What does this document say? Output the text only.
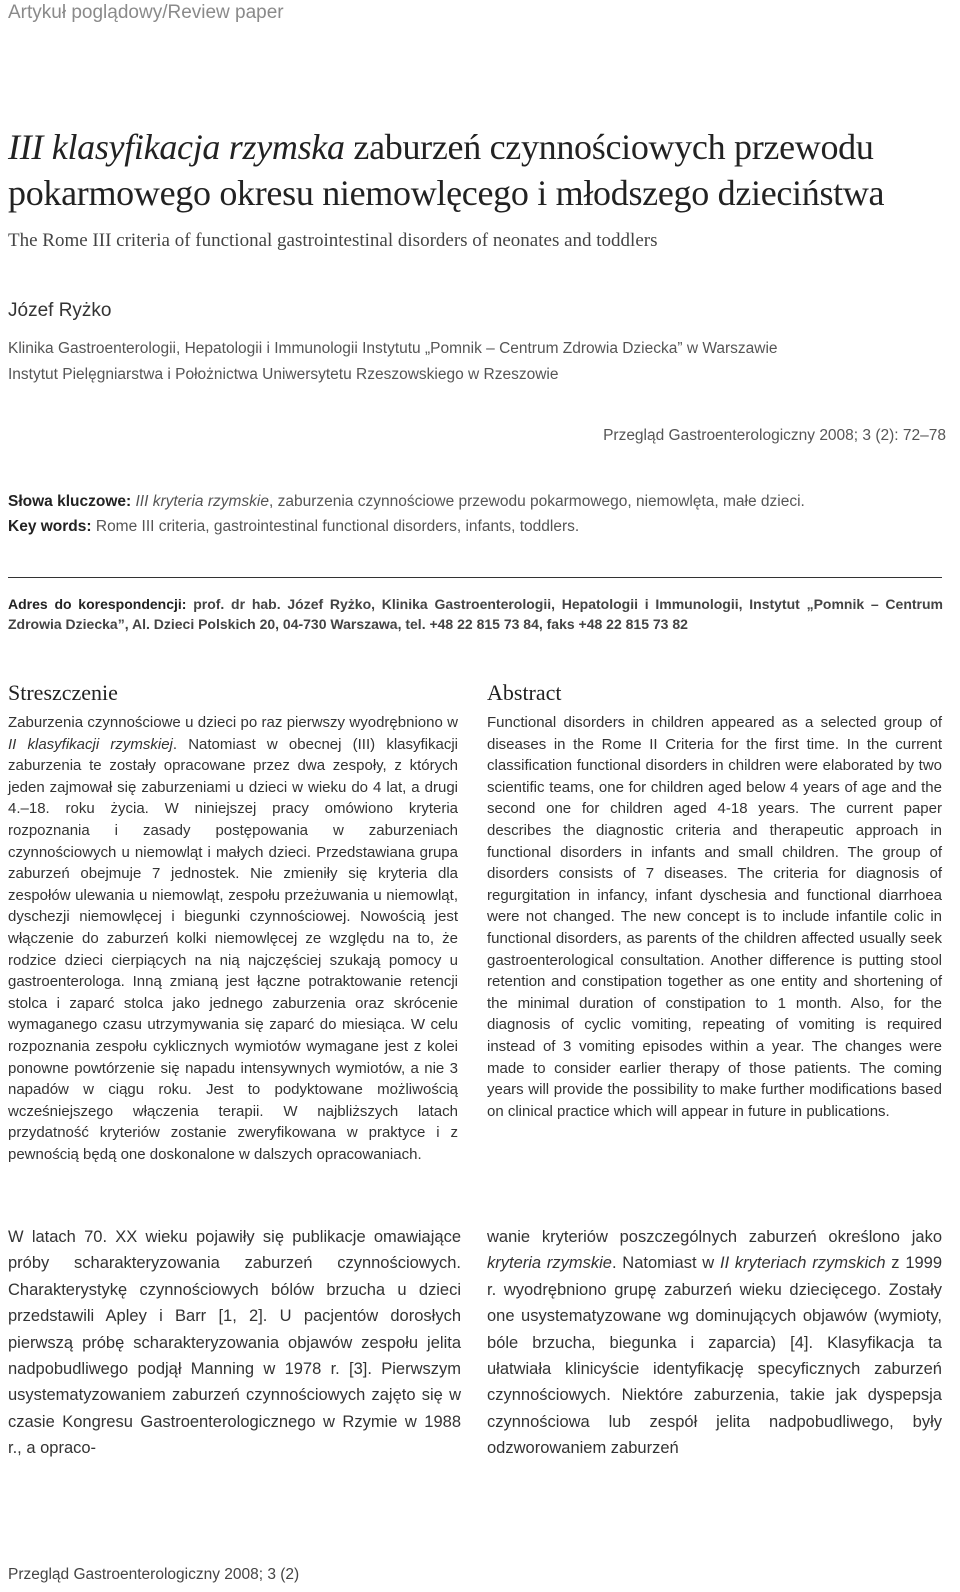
Artykuł poglądowy/Review paper
III klasyfikacja rzymska zaburzeń czynnościowych przewodu
pokarmowego okresu niemowlęcego i młodszego dzieciństwa
The Rome III criteria of functional gastrointestinal disorders of neonates and toddlers
Józef Ryżko
Klinika Gastroenterologii, Hepatologii i Immunologii Instytutu „Pomnik – Centrum Zdrowia Dziecka” w Warszawie
Instytut Pielęgniarstwa i Położnictwa Uniwersytetu Rzeszowskiego w Rzeszowie
Przegląd Gastroenterologiczny 2008; 3 (2): 72–78
Słowa kluczowe: III kryteria rzymskie, zaburzenia czynnościowe przewodu pokarmowego, niemowlęta, małe dzieci.
Key words: Rome III criteria, gastrointestinal functional disorders, infants, toddlers.
Adres do korespondencji: prof. dr hab. Józef Ryżko, Klinika Gastroenterologii, Hepatologii i Immunologii, Instytut „Pomnik – Centrum Zdrowia Dziecka”, Al. Dzieci Polskich 20, 04-730 Warszawa, tel. +48 22 815 73 84, faks +48 22 815 73 82
Streszczenie
Zaburzenia czynnościowe u dzieci po raz pierwszy wyodrębniono w II klasyfikacji rzymskiej. Natomiast w obecnej (III) klasyfikacji zaburzenia te zostały opracowane przez dwa zespoły, z których jeden zajmował się zaburzeniami u dzieci w wieku do 4 lat, a drugi 4.–18. roku życia. W niniejszej pracy omówiono kryteria rozpoznania i zasady postępowania w zaburzeniach czynnościowych u niemowląt i małych dzieci. Przedstawiana grupa zaburzeń obejmuje 7 jednostek. Nie zmieniły się kryteria dla zespołów ulewania u niemowląt, zespołu przeżuwania u niemowląt, dyschezji niemowlęcej i biegunki czynnościowej. Nowością jest włączenie do zaburzeń kolki niemowlęcej ze względu na to, że rodzice dzieci cierpiących na nią najczęściej szukają pomocy u gastroenterologa. Inną zmianą jest łączne potraktowanie retencji stolca i zaparć stolca jako jednego zaburzenia oraz skrócenie wymaganego czasu utrzymywania się zaparć do miesiąca. W celu rozpoznania zespołu cyklicznych wymiotów wymagane jest z kolei ponowne powtórzenie się napadu intensywnych wymiotów, a nie 3 napadów w ciągu roku. Jest to podyktowane możliwością wcześniejszego włączenia terapii. W najbliższych latach przydatność kryteriów zostanie zweryfikowana w praktyce i z pewnością będą one doskonalone w dalszych opracowaniach.
Abstract
Functional disorders in children appeared as a selected group of diseases in the Rome II Criteria for the first time. In the current classification functional disorders in children were elaborated by two scientific teams, one for children aged below 4 years of age and the second one for children aged 4-18 years. The current paper describes the diagnostic criteria and therapeutic approach in functional disorders in infants and small children. The group of disorders consists of 7 diseases. The criteria for diagnosis of regurgitation in infancy, infant dyschesia and functional diarrhoea were not changed. The new concept is to include infantile colic in functional disorders, as parents of the children affected usually seek gastroenterological consultation. Another difference is putting stool retention and constipation together as one entity and shortening of the minimal duration of constipation to 1 month. Also, for the diagnosis of cyclic vomiting, repeating of vomiting is required instead of 3 vomiting episodes within a year. The changes were made to consider earlier therapy of those patients. The coming years will provide the possibility to make further modifications based on clinical practice which will appear in future in publications.
W latach 70. XX wieku pojawiły się publikacje omawiające próby scharakteryzowania zaburzeń czynnościowych. Charakterystykę czynnościowych bólów brzucha u dzieci przedstawili Apley i Barr [1, 2]. U pacjentów dorosłych pierwszą próbę scharakteryzowania objawów zespołu jelita nadpobudliwego podjął Manning w 1978 r. [3]. Pierwszym usystematyzowaniem zaburzeń czynnościowych zajęto się w czasie Kongresu Gastroenterologicznego w Rzymie w 1988 r., a opraco-
wanie kryteriów poszczególnych zaburzeń określono jako kryteria rzymskie. Natomiast w II kryteriach rzymskich z 1999 r. wyodrębniono grupę zaburzeń wieku dziecięcego. Zostały one usystematyzowane wg dominujących objawów (wymioty, bóle brzucha, biegunka i zaparcia) [4]. Klasyfikacja ta ułatwiała klinicyście identyfikację specyficznych zaburzeń czynnościowych. Niektóre zaburzenia, takie jak dyspepsja czynnościowa lub zespół jelita nadpobudliwego, były odzworowaniem zaburzeń
Przegląd Gastroenterologiczny 2008; 3 (2)
